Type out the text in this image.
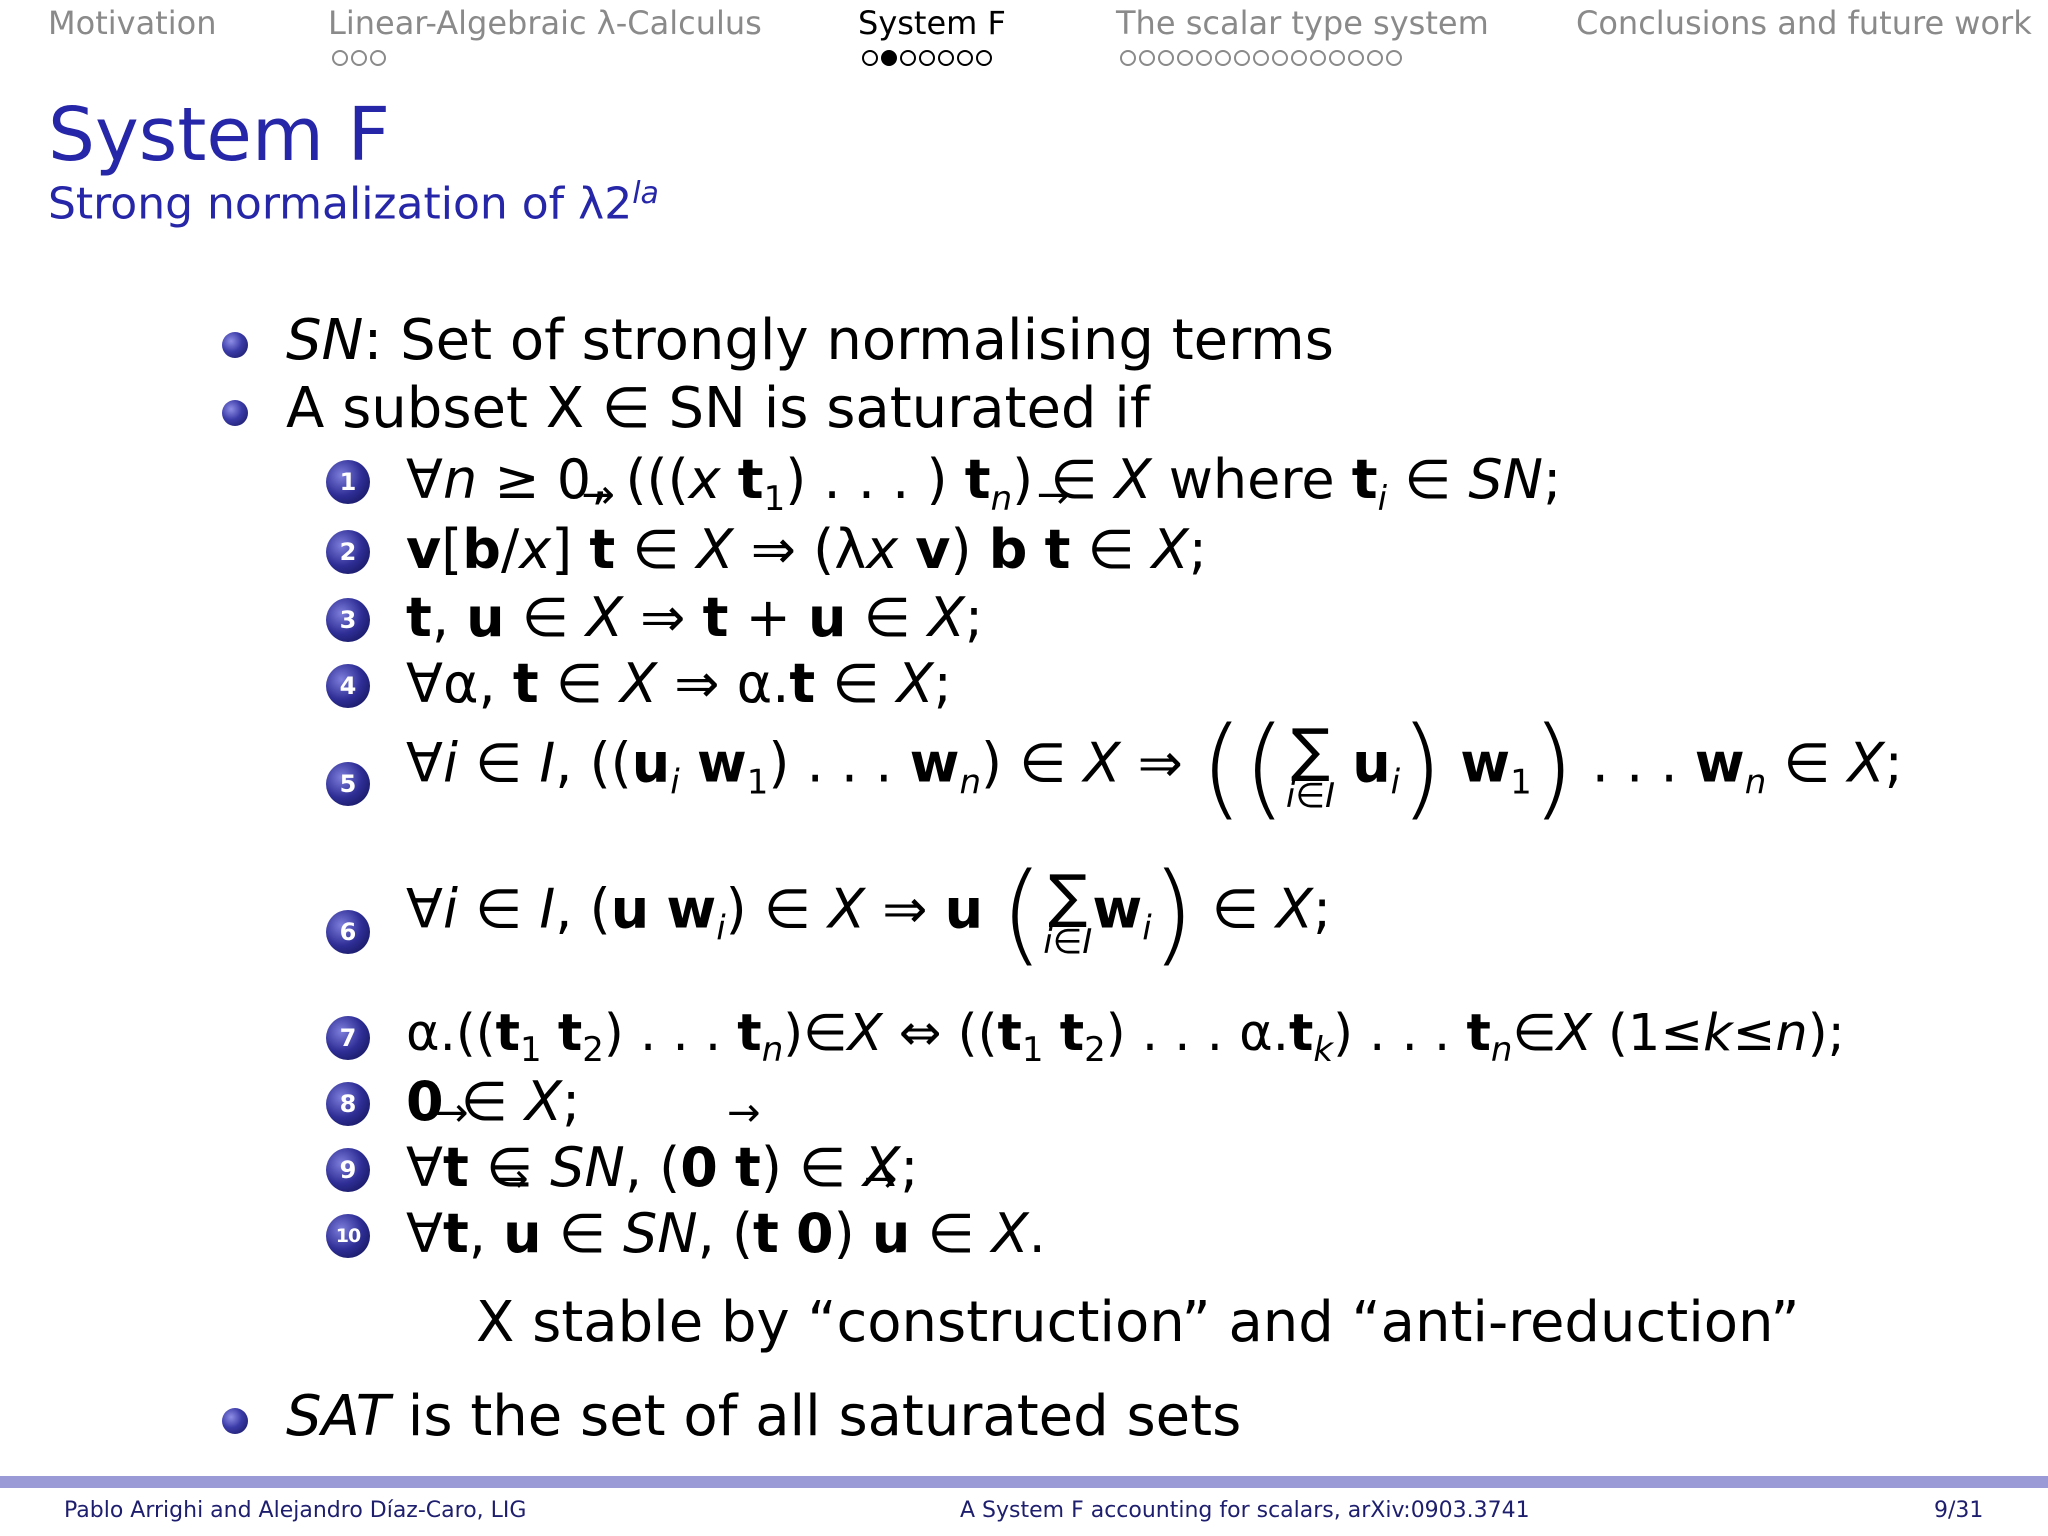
Motivation	Linear-Algebraic λ-Calculus	System F	The scalar type system	Conclusions and future work
System F
Strong normalization of $\lambda 2^{la}$
SN: Set of strongly normalising terms
A subset X ∈ SN is saturated if
1 ∀n ≥ 0, (((x $t_1$) . . . ) $t_n$) ∈ X where $t_i$ ∈ SN;
2 v[b/x] → t ∈ X ⇒ (λx v) b → t ∈ X;
3 t, u ∈ X ⇒ t + u ∈ X;
4 ∀α, t ∈ X ⇒ α.t ∈ X;
5 ∀i ∈ I, (($u_i$ $w_1$) . . . $w_n$) ∈ X ⇒ (( ∑
i∈I $u_i$) $w_1$) . . . $w_n$ ∈ X;
6 ∀i ∈ I, (u $w_i$) ∈ X ⇒ u ( ∑
$i\in Iw_i$) ∈ X;
7 $\alpha.((t_1$ $t_2$) . . . $t_n)\in X$ ⇔ (($t_1$ $t_2$) . . . $\alpha.t_k$) . . . $t_n\in X$ (1≤k≤n);
8 0 ∈ X;
9 ∀→ t ∈ SN, (0 → t) ∈ X;
10 ∀t, → u ∈ SN, (t 0) → u ∈ X.
X stable by “construction” and “anti-reduction”
SAT is the set of all saturated sets
Pablo Arrighi and Alejandro Díaz-Caro, LIG	A System F accounting for scalars, arXiv:0903.3741	9/31
